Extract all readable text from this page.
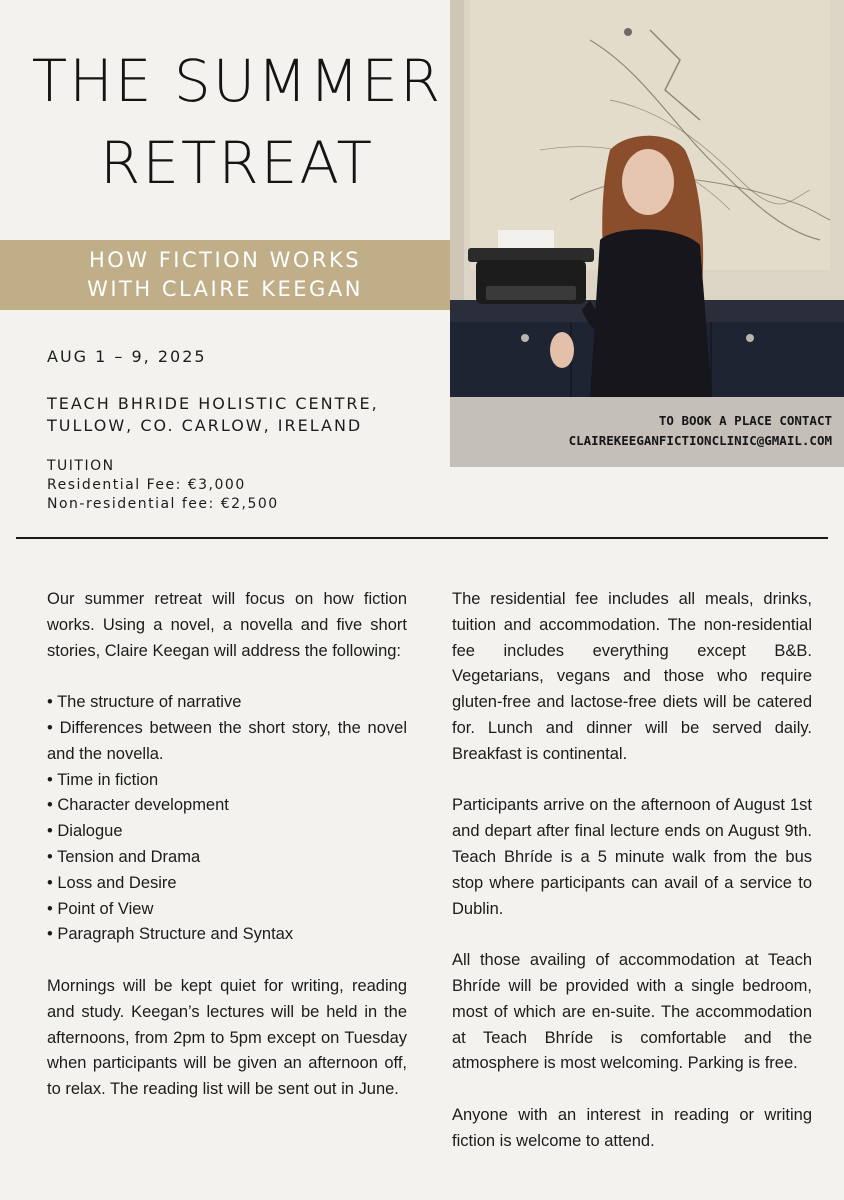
THE SUMMER
RETREAT
HOW FICTION WORKS
WITH CLAIRE KEEGAN
AUG 1 – 9, 2025
TEACH BHRIDE HOLISTIC CENTRE,
TULLOW, CO. CARLOW, IRELAND
TUITION
Residential Fee: €3,000
Non-residential fee: €2,500
TO BOOK A PLACE CONTACT
CLAIREKEEGANFICTIONCLINIC@GMAIL.COM

Our summer retreat will focus on how fiction works. Using a novel, a novella and five short stories, Claire Keegan will address the following:

• The structure of narrative
• Differences between the short story, the novel and the novella.
• Time in fiction
• Character development
• Dialogue
• Tension and Drama
• Loss and Desire
• Point of View
• Paragraph Structure and Syntax

Mornings will be kept quiet for writing, reading and study. Keegan’s lectures will be held in the afternoons, from 2pm to 5pm except on Tuesday when participants will be given an afternoon off, to relax. The reading list will be sent out in June.

The residential fee includes all meals, drinks, tuition and accommodation. The non-residential fee includes everything except B&B. Vegetarians, vegans and those who require gluten-free and lactose-free diets will be catered for. Lunch and dinner will be served daily. Breakfast is continental.

Participants arrive on the afternoon of August 1st and depart after final lecture ends on August 9th. Teach Bhríde is a 5 minute walk from the bus stop where participants can avail of a service to Dublin.

All those availing of accommodation at Teach Bhríde will be provided with a single bedroom, most of which are en-suite. The accommodation at Teach Bhríde is comfortable and the atmosphere is most welcoming. Parking is free.

Anyone with an interest in reading or writing fiction is welcome to attend.
